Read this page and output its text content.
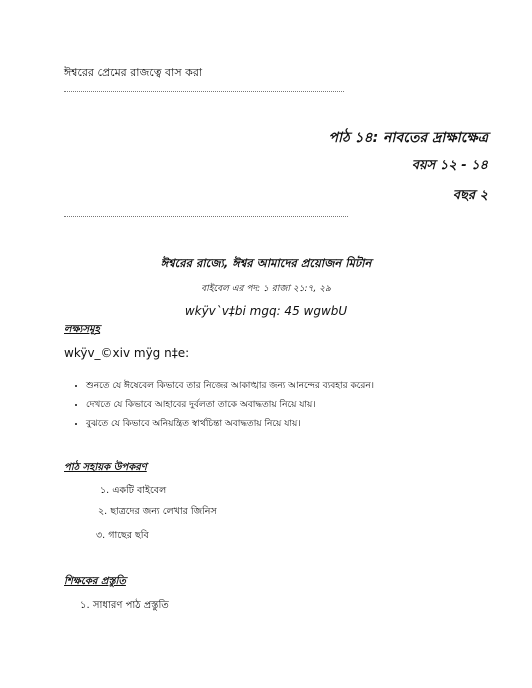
ঈশ্বরের প্রেমের রাজত্বে বাস করা
পাঠ ১৪: নাবতের দ্রাক্ষাক্ষেত্র
বয়স ১২ - ১৪
বছর ২
ঈশ্বরের রাজ্যে, ঈশ্বর আমাদের প্রয়োজন মিটান
বাইবেল এর পদ: ১ রাজা ২১:৭, ২৯
wkÿv`v‡bi mgq: 45 wgwbU
লক্ষ্যসমূহ
wkÿv_©xiv mÿg n‡e:
• শুনতে যে ঈষেবেল কিভাবে তার নিজের আকাঙ্খার জন্য আনন্দের ব্যবহার করেন।
• দেখতে যে কিভাবে আহাবের দুর্বলতা তাকে অবাদ্ধতায় নিয়ে যায়।
• বুঝতে যে কিভাবে অনিয়ন্ত্রিত স্বার্থচিন্তা অবাদ্ধতায় নিয়ে যায়।
পাঠ সহায়ক উপকরণ
১. একটি বাইবেল
২. ছাত্রদের জন্য লেখার জিনিস
৩. গাছের ছবি
শিক্ষকের প্রস্তুতি
১. সাধারণ পাঠ প্রস্তুতি
